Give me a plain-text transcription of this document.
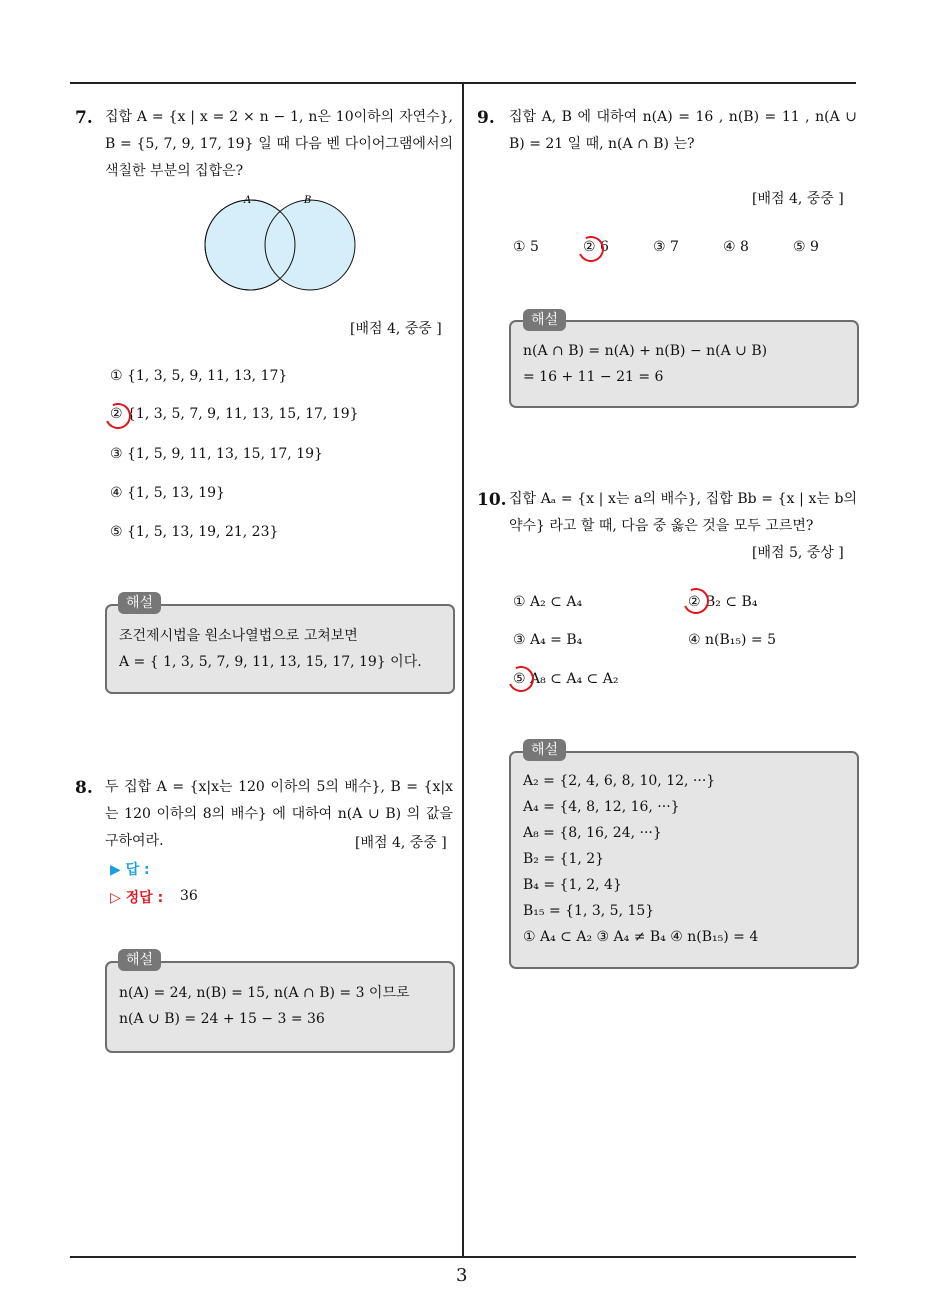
3
7. 집합 A = {x | x = 2 × n − 1, n은 10이하의 자연수}, B = {5, 7, 9, 17, 19} 일 때 다음 벤 다이어그램에서의 색칠한 부분의 집합은?
A	B
[배점 4, 중중 ]
① {1, 3, 5, 9, 11, 13, 17}
② {1, 3, 5, 7, 9, 11, 13, 15, 17, 19}
③ {1, 5, 9, 11, 13, 15, 17, 19}
④ {1, 5, 13, 19}
⑤ {1, 5, 13, 19, 21, 23}
조건제시법을 원소나열법으로 고쳐보면
A = { 1, 3, 5, 7, 9, 11, 13, 15, 17, 19} 이다.
해설
8. 두 집합 A = {x|x는 120 이하의 5의 배수}, B = {x|x는 120 이하의 8의 배수} 에 대하여 n(A ∪ B) 의 값을 구하여라.	[배점 4, 중중 ]
▶ 답 :
▷ 정답 : 36
n(A) = 24, n(B) = 15, n(A ∩ B) = 3 이므로
n(A ∪ B) = 24 + 15 − 3 = 36
해설
9. 집합 A, B 에 대하여 n(A) = 16 , n(B) = 11 , n(A ∪ B) = 21 일 때, n(A ∩ B) 는?
[배점 4, 중중 ]
① 5	② 6	③ 7	④ 8	⑤ 9
n(A ∩ B) = n(A) + n(B) − n(A ∪ B)
= 16 + 11 − 21 = 6
해설
10. 집합 Aₐ = {x | x는 a의 배수}, 집합 Bb = {x | x는 b의 약수} 라고 할 때, 다음 중 옳은 것을 모두 고르면?
[배점 5, 중상 ]
① A₂ ⊂ A₄	② B₂ ⊂ B₄
③ A₄ = B₄	④ n(B₁₅) = 5
⑤ A₈ ⊂ A₄ ⊂ A₂
A₂ = {2, 4, 6, 8, 10, 12, ···}
A₄ = {4, 8, 12, 16, ···}
A₈ = {8, 16, 24, ···}
B₂ = {1, 2}
B₄ = {1, 2, 4}
B₁₅ = {1, 3, 5, 15}
① A₄ ⊂ A₂ ③ A₄ ≠ B₄ ④ n(B₁₅) = 4
해설
